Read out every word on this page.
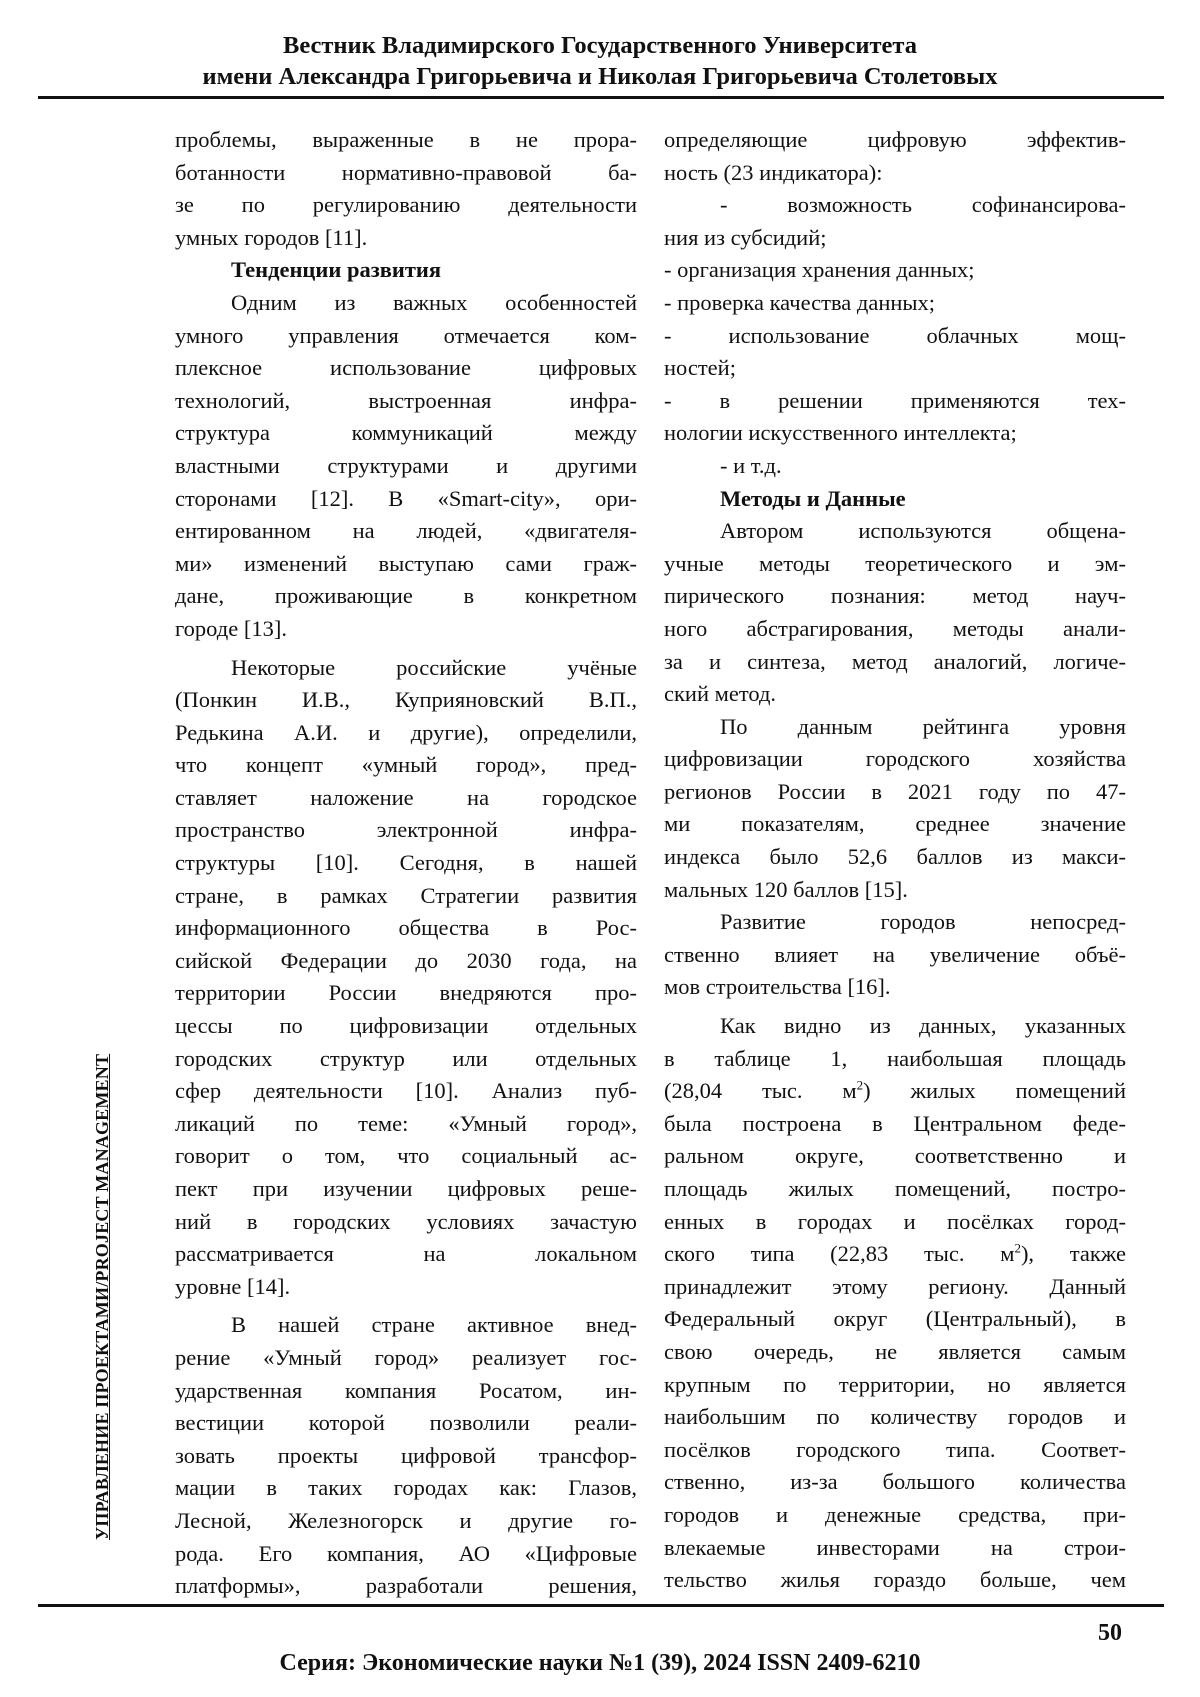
Вестник Владимирского Государственного Университета
имени Александра Григорьевича и Николая Григорьевича Столетовых
УПРАВЛЕНИЕ ПРОЕКТАМИ/PROJECT MANAGEMENT
проблемы, выраженные в не прора-
ботанности нормативно-правовой ба-
зе по регулированию деятельности
умных городов [11].
Тенденции развития
Одним из важных особенностей
умного управления отмечается ком-
плексное использование цифровых
технологий, выстроенная инфра-
структура коммуникаций между
властными структурами и другими
сторонами [12]. В «Smart-city», ори-
ентированном на людей, «двигателя-
ми» изменений выступаю сами граж-
дане, проживающие в конкретном
городе [13].
Некоторые российские учёные
(Понкин И.В., Куприяновский В.П.,
Редькина А.И. и другие), определили,
что концепт «умный город», пред-
ставляет наложение на городское
пространство электронной инфра-
структуры [10]. Сегодня, в нашей
стране, в рамках Стратегии развития
информационного общества в Рос-
сийской Федерации до 2030 года, на
территории России внедряются про-
цессы по цифровизации отдельных
городских структур или отдельных
сфер деятельности [10]. Анализ пуб-
ликаций по теме: «Умный город»,
говорит о том, что социальный ас-
пект при изучении цифровых реше-
ний в городских условиях зачастую
рассматривается на локальном
уровне [14].
В нашей стране активное внед-
рение «Умный город» реализует гос-
ударственная компания Росатом, ин-
вестиции которой позволили реали-
зовать проекты цифровой трансфор-
мации в таких городах как: Глазов,
Лесной, Железногорск и другие го-
рода. Его компания, АО «Цифровые
платформы», разработали решения,
определяющие цифровую эффектив-
ность (23 индикатора):
- возможность софинансирова-
ния из субсидий;
- организация хранения данных;
- проверка качества данных;
- использование облачных мощ-
ностей;
- в решении применяются тех-
нологии искусственного интеллекта;
- и т.д.
Методы и Данные
Автором используются общена-
учные методы теоретического и эм-
пирического познания: метод науч-
ного абстрагирования, методы анали-
за и синтеза, метод аналогий, логиче-
ский метод.
По данным рейтинга уровня
цифровизации городского хозяйства
регионов России в 2021 году по 47-
ми показателям, среднее значение
индекса было 52,6 баллов из макси-
мальных 120 баллов [15].
Развитие городов непосред-
ственно влияет на увеличение объё-
мов строительства [16].
Как видно из данных, указанных
в таблице 1, наибольшая площадь
(28,04 тыс. $м^2$) жилых помещений
была построена в Центральном феде-
ральном округе, соответственно и
площадь жилых помещений, постро-
енных в городах и посёлках город-
ского типа (22,83 тыс. $м^2$), также
принадлежит этому региону. Данный
Федеральный округ (Центральный), в
свою очередь, не является самым
крупным по территории, но является
наибольшим по количеству городов и
посёлков городского типа. Соответ-
ственно, из-за большого количества
городов и денежные средства, при-
влекаемые инвесторами на строи-
тельство жилья гораздо больше, чем
50
Серия: Экономические науки №1 (39), 2024 ISSN 2409-6210
